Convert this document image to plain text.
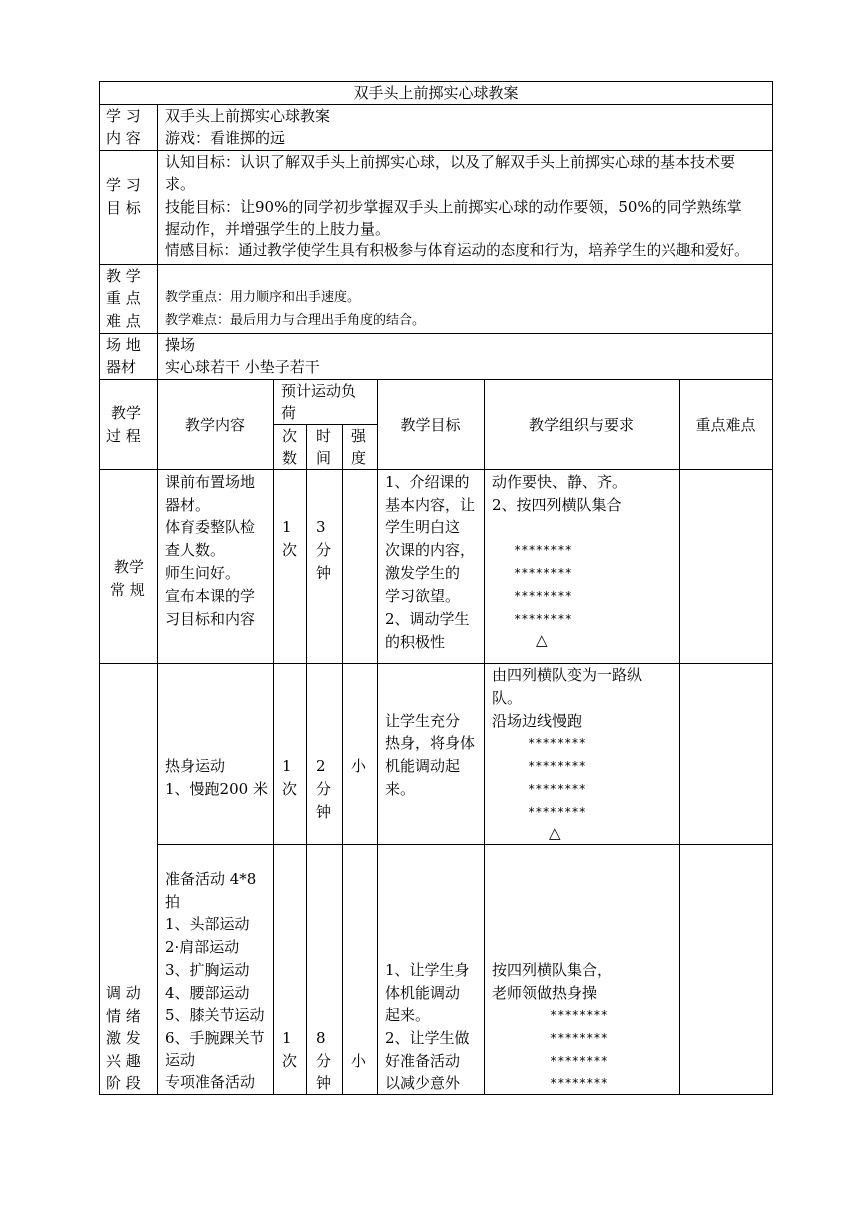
双手头上前掷实心球教案
学 习
内 容
双手头上前掷实心球教案
游戏：看谁掷的远
学 习
目 标
认知目标：认识了解双手头上前掷实心球，以及了解双手头上前掷实心球的基本技术要
求。
技能目标：让90%的同学初步掌握双手头上前掷实心球的动作要领，50%的同学熟练掌
握动作，并增强学生的上肢力量。
情感目标：通过教学使学生具有积极参与体育运动的态度和行为，培养学生的兴趣和爱好。
教 学
重 点
难 点
教学重点：用力顺序和出手速度。
教学难点：最后用力与合理出手角度的结合。
场 地
器材
操场
实心球若干 小垫子若干
教学
过 程
教学内容
预计运动负
荷
次
数
时
间
强
度
教学目标	教学组织与要求	重点难点
教学
常 规
课前布置场地
器材。
体育委整队检
查人数。
师生问好。
宣布本课的学
习目标和内容
1
次
3
分
钟
1、介绍课的
基本内容，让
学生明白这
次课的内容，
激发学生的
学习欲望。
2、调动学生
的积极性
动作要快、静、齐。
2、按四列横队集合
********
********
********
********
△
热身运动
1、慢跑200 米
1
次
2
分
钟
小
让学生充分
热身，将身体
机能调动起
来。
由四列横队变为一路纵
队。
沿场边线慢跑
********
********
********
********
△
调 动
情 绪
激 发
兴 趣
阶 段
准备活动 4*8
拍
1、头部运动
2·肩部运动
3、扩胸运动
4、腰部运动
5、膝关节运动
6、手腕踝关节
运动
专项准备活动
1
次
8
分
钟
小
1、让学生身
体机能调动
起来。
2、让学生做
好准备活动
以减少意外
按四列横队集合，
老师领做热身操
********
********
********
********
